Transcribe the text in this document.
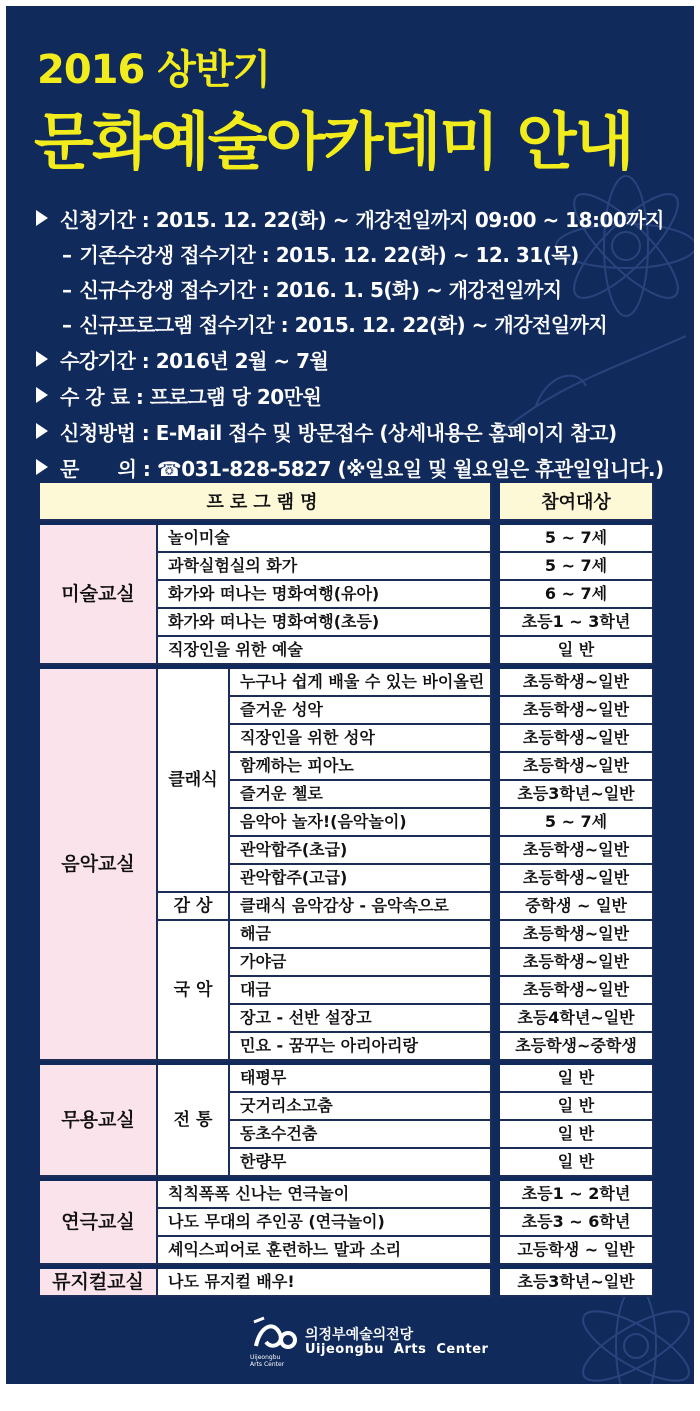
2016 상반기
문화예술아카데미 안내
신청기간 : 2015. 12. 22(화) ~ 개강전일까지 09:00 ~ 18:00까지
– 기존수강생 접수기간 : 2015. 12. 22(화) ~ 12. 31(목)
– 신규수강생 접수기간 : 2016. 1. 5(화) ~ 개강전일까지
– 신규프로그램 접수기간 : 2015. 12. 22(화) ~ 개강전일까지
수강기간 : 2016년 2월 ~ 7월
수 강 료 : 프로그램 당 20만원
신청방법 : E-Mail 접수 및 방문접수 (상세내용은 홈페이지 참고)
문      의 : ☎031-828-5827 (※일요일 및 월요일은 휴관일입니다.)
프로그램명				참여대상

미술교실	놀이미술			5 ~ 7세
	과학실험실의 화가			5 ~ 7세
	화가와 떠나는 명화여행(유아)			6 ~ 7세
	화가와 떠나는 명화여행(초등)			초등1 ~ 3학년
	직장인을 위한 예술			일 반

음악교실	클래식	누구나 쉽게 배울 수 있는 바이올린		초등학생~일반
		즐거운 성악		초등학생~일반
		직장인을 위한 성악		초등학생~일반
		함께하는 피아노		초등학생~일반
		즐거운 첼로		초등3학년~일반
		음악아 놀자!(음악놀이)		5 ~ 7세
		관악합주(초급)		초등학생~일반
		관악합주(고급)		초등학생~일반
	감 상	클래식 음악감상 - 음악속으로		중학생 ~ 일반
	국 악	해금		초등학생~일반
		가야금		초등학생~일반
		대금		초등학생~일반
		장고 - 선반 설장고		초등4학년~일반
		민요 - 꿈꾸는 아리아리랑		초등학생~중학생

무용교실	전 통	태평무		일 반
		굿거리소고춤		일 반
		동초수건춤		일 반
		한량무		일 반

연극교실	칙칙폭폭 신나는 연극놀이			초등1 ~ 2학년
	나도 무대의 주인공 (연극놀이)			초등3 ~ 6학년
	셰익스피어로 훈련하느 말과 소리			고등학생 ~ 일반

뮤지컬교실	나도 뮤지컬 배우!			초등3학년~일반
Uijeongbu
Arts Center
의정부예술의전당
Uijeongbu  Arts  Center
